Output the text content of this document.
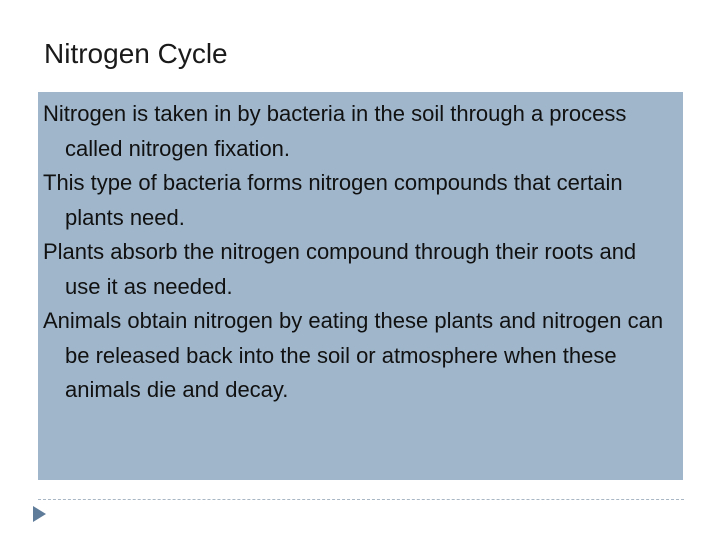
Nitrogen Cycle

Nitrogen is taken in by bacteria in the soil through a process called nitrogen fixation.

This type of bacteria forms nitrogen compounds that certain plants need.

Plants absorb the nitrogen compound through their roots and use it as needed.

Animals obtain nitrogen by eating these plants and nitrogen can be released back into the soil or atmosphere when these animals die and decay.
